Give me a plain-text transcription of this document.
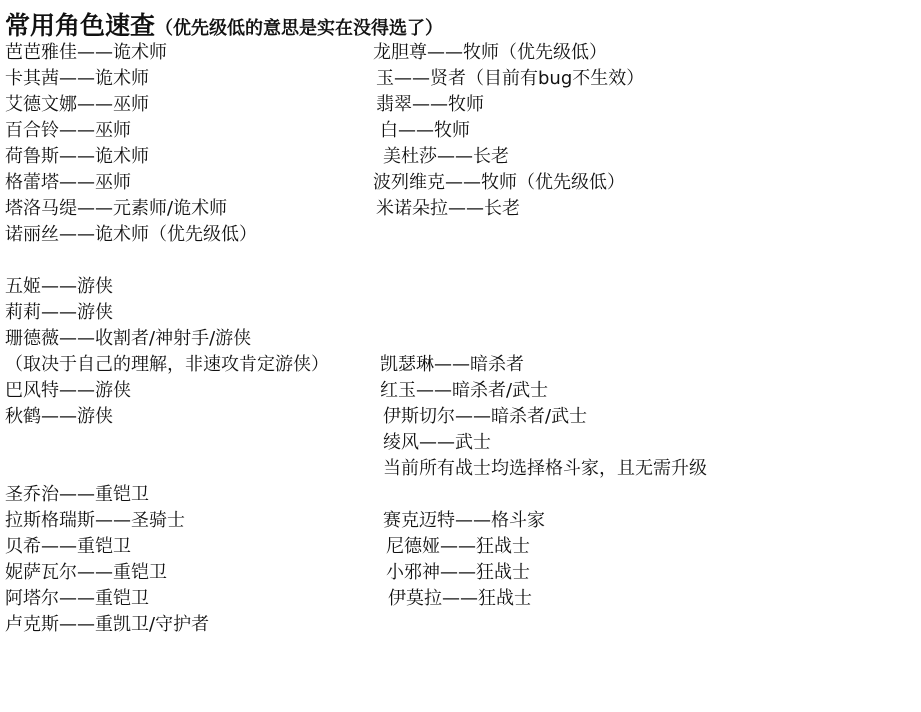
常用角色速查（优先级低的意思是实在没得选了）
芭芭雅佳——诡术师
卡其茜——诡术师
艾德文娜——巫师
百合铃——巫师
荷鲁斯——诡术师
格蕾塔——巫师
塔洛马缇——元素师/诡术师
诺丽丝——诡术师（优先级低）
五姬——游侠
莉莉——游侠
珊德薇——收割者/神射手/游侠
（取决于自己的理解，非速攻肯定游侠）
巴风特——游侠
秋鹤——游侠
圣乔治——重铠卫
拉斯格瑞斯——圣骑士
贝希——重铠卫
妮萨瓦尔——重铠卫
阿塔尔——重铠卫
卢克斯——重凯卫/守护者
龙胆尊——牧师（优先级低）
玉——贤者（目前有bug不生效）
翡翠——牧师
白——牧师
美杜莎——长老
波列维克——牧师（优先级低）
米诺朵拉——长老
凯瑟琳——暗杀者
红玉——暗杀者/武士
伊斯切尔——暗杀者/武士
绫风——武士
当前所有战士均选择格斗家，且无需升级
赛克迈特——格斗家
尼德娅——狂战士
小邪神——狂战士
伊莫拉——狂战士
